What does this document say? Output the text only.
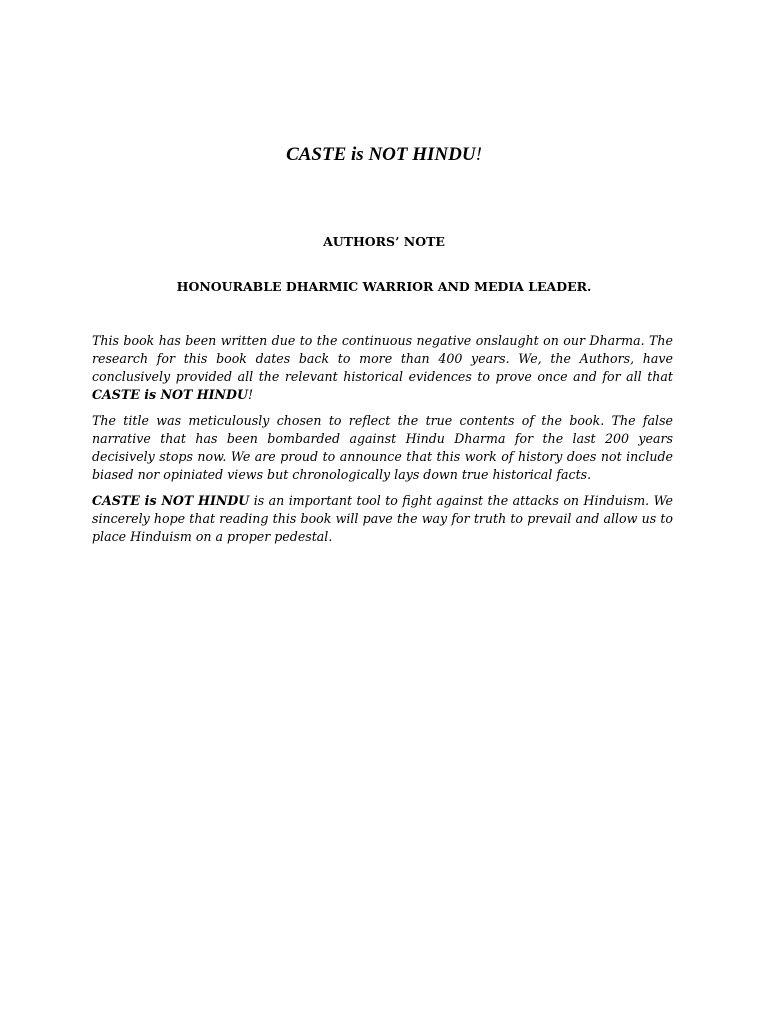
CASTE is NOT HINDU!
AUTHORS’ NOTE
HONOURABLE DHARMIC WARRIOR AND MEDIA LEADER.

This book has been written due to the continuous negative onslaught on our Dharma. The research for this book dates back to more than 400 years. We, the Authors, have conclusively provided all the relevant historical evidences to prove once and for all that CASTE is NOT HINDU!

The title was meticulously chosen to reflect the true contents of the book. The false narrative that has been bombarded against Hindu Dharma for the last 200 years decisively stops now. We are proud to announce that this work of history does not include biased nor opiniated views but chronologically lays down true historical facts.

CASTE is NOT HINDU is an important tool to fight against the attacks on Hinduism. We sincerely hope that reading this book will pave the way for truth to prevail and allow us to place Hinduism on a proper pedestal.
